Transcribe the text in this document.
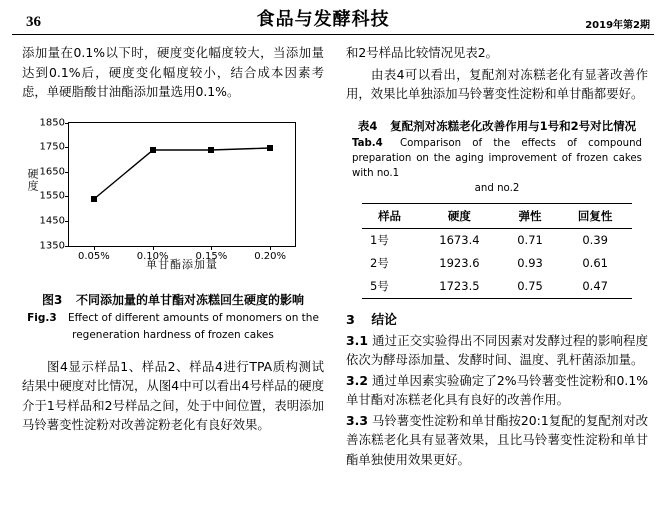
36	食品与发酵科技	2019年第2期

添加量在0.1%以下时，硬度变化幅度较大，当添加量达到0.1%后，硬度变化幅度较小，结合成本因素考虑，单硬脂酸甘油酯添加量选用0.1%。

硬度
1850
1750
1650
1550
1450
1350
0.05%	0.10%	0.15%	0.20%
单甘酯添加量
图3 不同添加量的单甘酯对冻糕回生硬度的影响
Fig.3 Effect of different amounts of monomers on the
regeneration hardness of frozen cakes

图4显示样品1、样品2、样品4进行TPA质构测试结果中硬度对比情况，从图4中可以看出4号样品的硬度介于1号样品和2号样品之间，处于中间位置，表明添加马铃薯变性淀粉对改善淀粉老化有良好效果。

和2号样品比较情况见表2。

由表4可以看出，复配剂对冻糕老化有显著改善作用，效果比单独添加马铃薯变性淀粉和单甘酯都要好。

表4 复配剂对冻糕老化改善作用与1号和2号对比情况
Tab.4 Comparison of the effects of compound preparation on the aging improvement of frozen cakes with no.1
and no.2
样品	硬度	弹性	回复性
1号	1673.4	0.71	0.39
2号	1923.6	0.93	0.61
5号	1723.5	0.75	0.47
3 结论

3.1 通过正交实验得出不同因素对发酵过程的影响程度依次为酵母添加量、发酵时间、温度、乳杆菌添加量。

3.2 通过单因素实验确定了2%马铃薯变性淀粉和0.1%单甘酯对冻糕老化具有良好的改善作用。

3.3 马铃薯变性淀粉和单甘酯按20:1复配的复配剂对改善冻糕老化具有显著效果，且比马铃薯变性淀粉和单甘酯单独使用效果更好。
